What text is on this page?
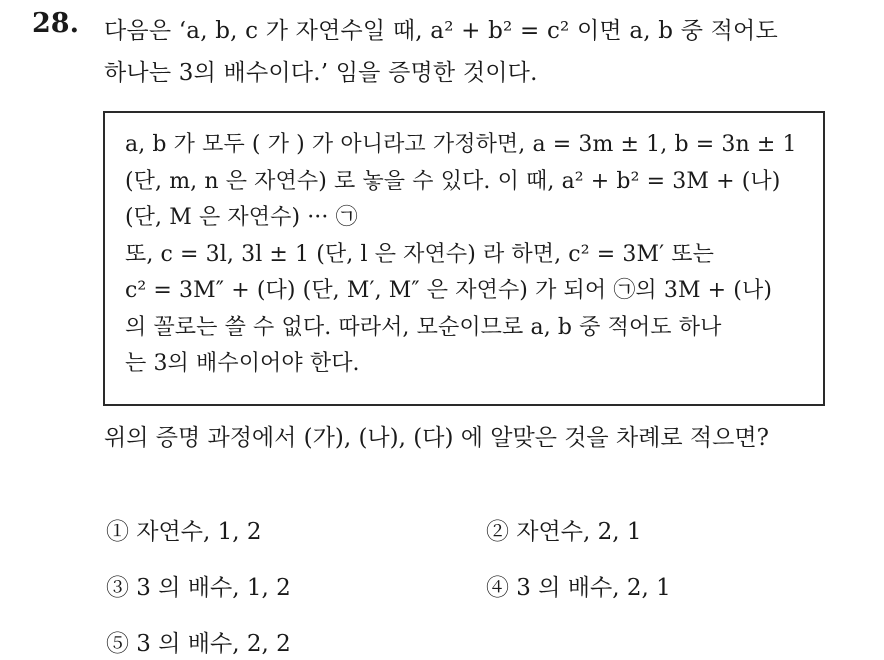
28. 다음은 ‘a, b, c 가 자연수일 때, a² + b² = c² 이면 a, b 중 적어도
하나는 3의 배수이다.’ 임을 증명한 것이다.
a, b 가 모두 ( 가 ) 가 아니라고 가정하면, a = 3m ± 1, b = 3n ± 1
(단, m, n 은 자연수) 로 놓을 수 있다. 이 때, a² + b² = 3M + (나)
(단, M 은 자연수) ··· ㉠
또, c = 3l, 3l ± 1 (단, l 은 자연수) 라 하면, c² = 3M′ 또는
c² = 3M″ + (다) (단, M′, M″ 은 자연수) 가 되어 ㉠의 3M + (나)
의 꼴로는 쓸 수 없다. 따라서, 모순이므로 a, b 중 적어도 하나
는 3의 배수이어야 한다.
위의 증명 과정에서 (가), (나), (다) 에 알맞은 것을 차례로 적으면?
① 자연수, 1, 2	② 자연수, 2, 1
③ 3 의 배수, 1, 2	④ 3 의 배수, 2, 1
⑤ 3 의 배수, 2, 2
